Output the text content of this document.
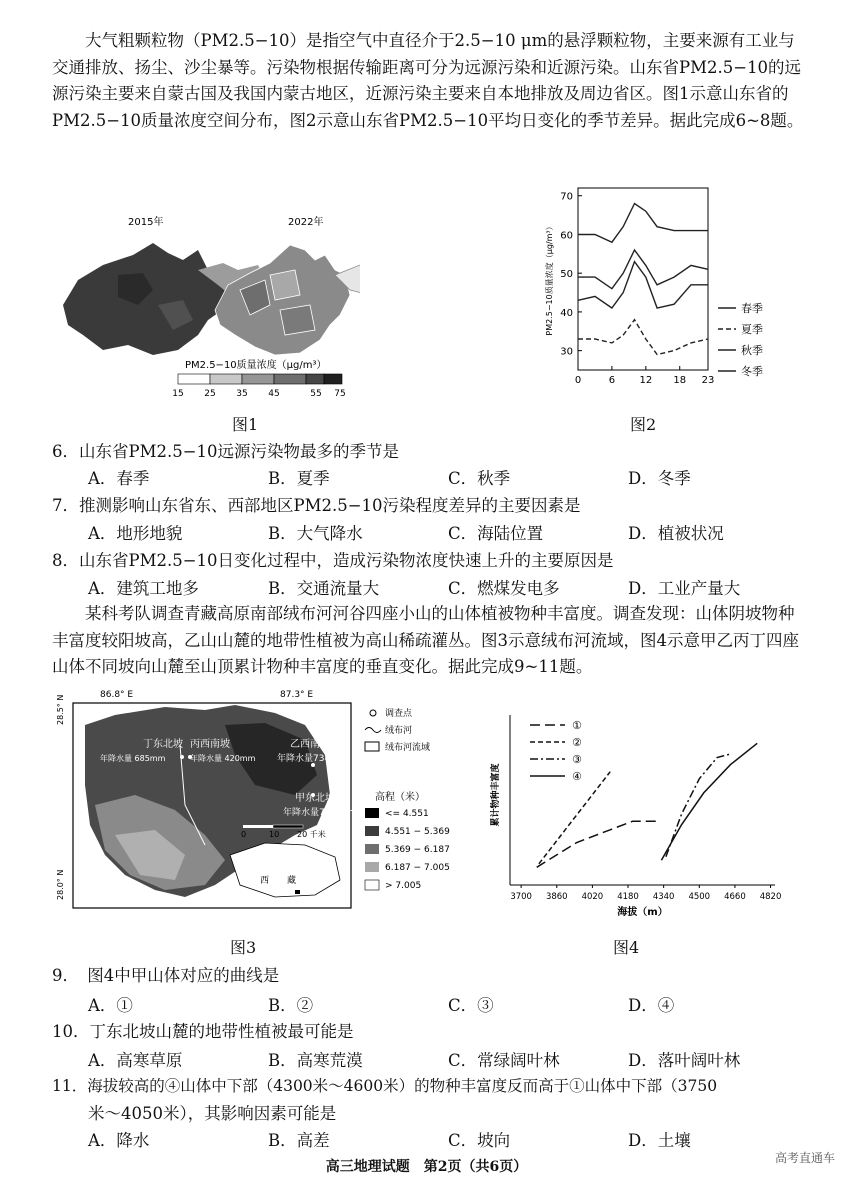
大气粗颗粒物（PM2.5−10）是指空气中直径介于2.5−10 μm的悬浮颗粒物，主要来源有工业与交通排放、扬尘、沙尘暴等。污染物根据传输距离可分为远源污染和近源污染。山东省PM2.5−10的远源污染主要来自蒙古国及我国内蒙古地区，近源污染主要来自本地排放及周边省区。图1示意山东省的PM2.5−10质量浓度空间分布，图2示意山东省PM2.5−10平均日变化的季节差异。据此完成6~8题。

2015年	2022年
PM2.5−10质量浓度（μg/m³）
15 25 35 45	55 75
图1
30
40
50
60
70
0	6 12 18 23
PM2.5−10质量浓度（μg/m³）	春季
夏季
秋季
冬季
图2

6．山东省PM2.5−10远源污染物最多的季节是

A．春季	B．夏季	C．秋季	D．冬季

7．推测影响山东省东、西部地区PM2.5−10污染程度差异的主要因素是

A．地形地貌	B．大气降水	C．海陆位置	D．植被状况

8．山东省PM2.5−10日变化过程中，造成污染物浓度快速上升的主要原因是

A．建筑工地多	B．交通流量大	C．燃煤发电多	D．工业产量大

某科考队调查青藏高原南部绒布河河谷四座小山的山体植被物种丰富度。调查发现：山体阴坡物种丰富度较阳坡高，乙山山麓的地带性植被为高山稀疏灌丛。图3示意绒布河流域，图4示意甲乙丙丁四座山体不同坡向山麓至山顶累计物种丰富度的垂直变化。据此完成9~11题。

86.8° E	87.3° E
28.5° N
28.0° N
丁东北坡
年降水量 685mm
丙西南坡
年降水量 420mm
乙西南坡
年降水量734mm
甲东北坡
年降水量734mm
0	10 20 千米
西　　藏
调查点
绒布河
绒布河流域
高程（米）
<= 4.551
4.551 − 5.369
5.369 − 6.187
6.187 − 7.005
> 7.005
图3
3700 3860 4020 4180 4340 4500 4660 4820
海拔（m）
累计物种丰富度
①
②
③
④
图4

9．　图4中甲山体对应的曲线是

A．①	B．②	C．③	D．④

10．丁东北坡山麓的地带性植被最可能是

A．高寒草原	B．高寒荒漠	C．常绿阔叶林	D．落叶阔叶林

11．海拔较高的④山体中下部（4300米～4600米）的物种丰富度反而高于①山体中下部（3750

米～4050米），其影响因素可能是

A．降水	B．高差	C．坡向	D．土壤
高三地理试题　第2页（共6页）
高考直通车
